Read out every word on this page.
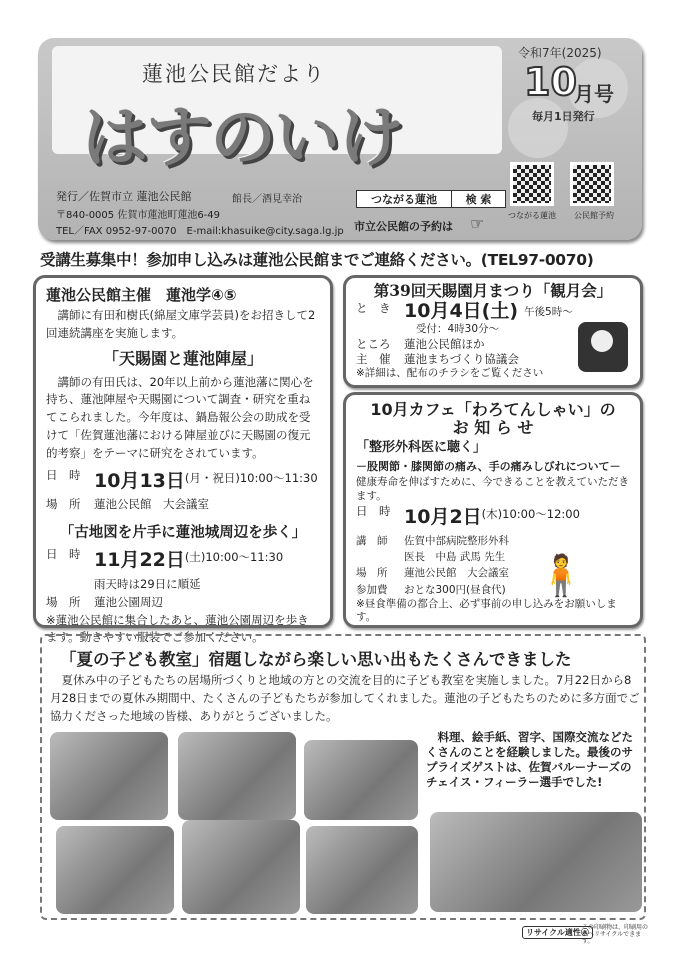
蓮池公民館だより
はすのいけ
令和7年(2025)
10
月号
毎月1日発行
発行／佐賀市立 蓮池公民館	館長／酒見幸治
〒840-0005 佐賀市蓮池町蓮池6-49
TEL／FAX 0952-97-0070　E-mail:khasuike@city.saga.lg.jp
つながる蓮池	検 索
市立公民館の予約は ☞	つながる蓮池 公民館予約
受講生募集中！参加申し込みは蓮池公民館までご連絡ください。(TEL97-0070)
蓮池公民館主催　蓮池学④⑤

　講師に有田和樹氏(綿屋文庫学芸員)をお招きして2回連続講座を実施します。

「天賜園と蓮池陣屋」

　講師の有田氏は、20年以上前から蓮池藩に関心を持ち、蓮池陣屋や天賜園について調査・研究を重ねてこられました。今年度は、鍋島報公会の助成を受けて「佐賀蓮池藩における陣屋並びに天賜園の復元的考察」をテーマに研究をされています。

日　時 10月13日 (月・祝日)10:00～11:30
場　所	蓮池公民館　大会議室
「古地図を片手に蓮池城周辺を歩く」
日　時 11月22日 (土)10:00～11:30
雨天時は29日に順延
場　所	蓮池公園周辺

※蓮池公民館に集合したあと、蓮池公園周辺を歩きます。動きやすい服装でご参加ください。

第39回天賜園月まつり「観月会」
と　き 10月4日(土) 午後5時～
受付：4時30分～
ところ	蓮池公民館ほか
主　催	蓮池まちづくり協議会
※詳細は、配布のチラシをご覧ください
10月カフェ「わろてんしゃい」の
お 知 ら せ
「整形外科医に聴く」
－股関節・膝関節の痛み、手の痛みしびれについて－

健康寿命を伸ばすために、今できることを教えていただきます。

日　時 10月2日 (木)10:00～12:00
講　師	佐賀中部病院整形外科
医長　中島 武馬 先生
場　所	蓮池公民館　大会議室
参加費	おとな300円(昼食代)

※昼食準備の都合上、必ず事前の申し込みをお願いします。

🧍
「夏の子ども教室」宿題しながら楽しい思い出もたくさんできました

　夏休み中の子どもたちの居場所づくりと地域の方との交流を目的に子ども教室を実施しました。7月22日から8月28日までの夏休み期間中、たくさんの子どもたちが参加してくれました。蓮池の子どもたちのために多方面でご協力くださった地域の皆様、ありがとうございました。

　料理、絵手紙、習字、国際交流などたくさんのことを経験しました。最後のサプライズゲストは、佐賀バルーナーズのチェイス・フィーラー選手でした!

リサイクル適性Ⓐ
この印刷物は、印刷用の紙へリサイクルできます。
